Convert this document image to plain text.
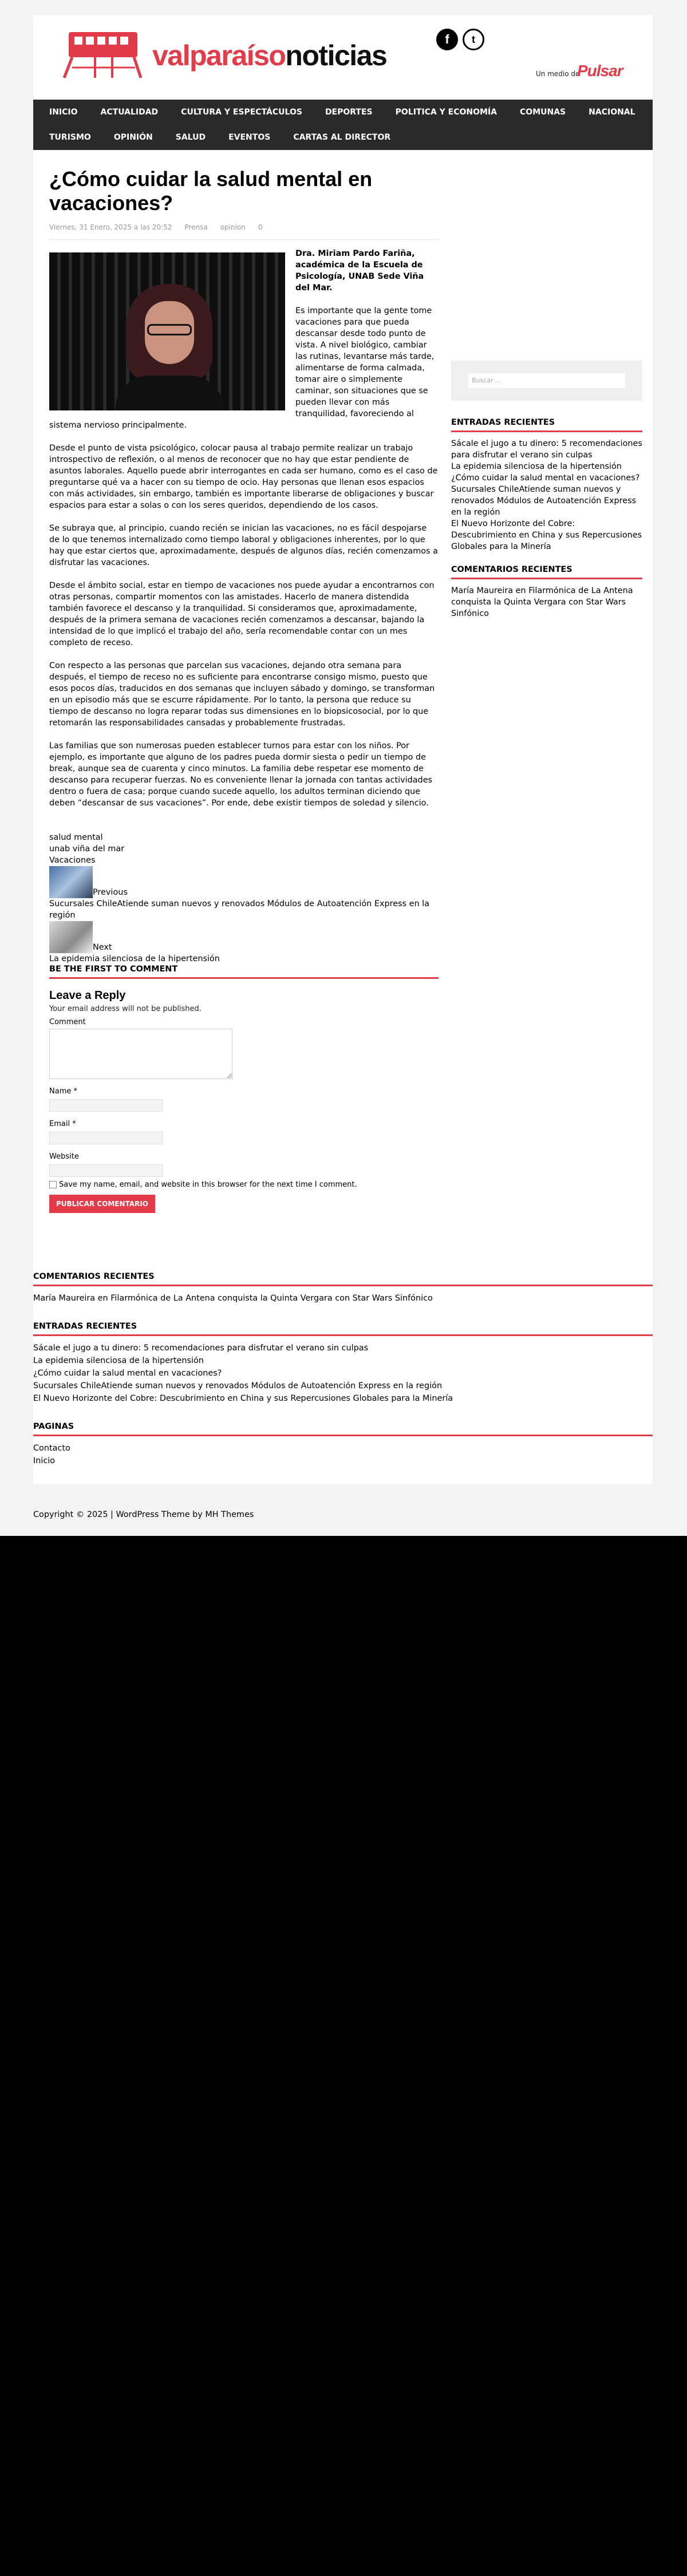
valparaísonoticias
f	t
Un medio de
Pulsar
INICIO	ACTUALIDAD	CULTURA Y ESPECTÁCULOS	DEPORTES	POLITICA Y ECONOMÍA	COMUNAS	NACIONAL
TURISMO	OPINIÓN	SALUD	EVENTOS	CARTAS AL DIRECTOR
¿Cómo cuidar la salud mental en vacaciones?
Viernes, 31 Enero, 2025 a las 20:52 Prensa opinion 0

Dra. Miriam Pardo Fariña, académica de la Escuela de Psicología, UNAB Sede Viña del Mar.

Es importante que la gente tome vacaciones para que pueda descansar desde todo punto de vista. A nivel biológico, cambiar las rutinas, levantarse más tarde, alimentarse de forma calmada, tomar aire o simplemente caminar, son situaciones que se pueden llevar con más tranquilidad, favoreciendo al sistema nervioso principalmente.

Desde el punto de vista psicológico, colocar pausa al trabajo permite realizar un trabajo introspectivo de reflexión, o al menos de reconocer que no hay que estar pendiente de asuntos laborales. Aquello puede abrir interrogantes en cada ser humano, como es el caso de preguntarse qué va a hacer con su tiempo de ocio. Hay personas que llenan esos espacios con más actividades, sin embargo, también es importante liberarse de obligaciones y buscar espacios para estar a solas o con los seres queridos, dependiendo de los casos.

Se subraya que, al principio, cuando recién se inician las vacaciones, no es fácil despojarse de lo que tenemos internalizado como tiempo laboral y obligaciones inherentes, por lo que hay que estar ciertos que, aproximadamente, después de algunos días, recién comenzamos a disfrutar las vacaciones.

Desde el ámbito social, estar en tiempo de vacaciones nos puede ayudar a encontrarnos con otras personas, compartir momentos con las amistades. Hacerlo de manera distendida también favorece el descanso y la tranquilidad. Si consideramos que, aproximadamente, después de la primera semana de vacaciones recién comenzamos a descansar, bajando la intensidad de lo que implicó el trabajo del año, sería recomendable contar con un mes completo de receso.

Con respecto a las personas que parcelan sus vacaciones, dejando otra semana para después, el tiempo de receso no es suficiente para encontrarse consigo mismo, puesto que esos pocos días, traducidos en dos semanas que incluyen sábado y domingo, se transforman en un episodio más que se escurre rápidamente. Por lo tanto, la persona que reduce su tiempo de descanso no logra reparar todas sus dimensiones en lo biopsicosocial, por lo que retomarán las responsabilidades cansadas y probablemente frustradas.

Las familias que son numerosas pueden establecer turnos para estar con los niños. Por ejemplo, es importante que alguno de los padres pueda dormir siesta o pedir un tiempo de break, aunque sea de cuarenta y cinco minutos. La familia debe respetar ese momento de descanso para recuperar fuerzas. No es conveniente llenar la jornada con tantas actividades dentro o fuera de casa; porque cuando sucede aquello, los adultos terminan diciendo que deben “descansar de sus vacaciones”. Por ende, debe existir tiempos de soledad y silencio.

salud mental
unab viña del mar
Vacaciones
Previous
Sucursales ChileAtiende suman nuevos y renovados Módulos de Autoatención Express en la región
Next
La epidemia silenciosa de la hipertensión
BE THE FIRST TO COMMENT
Leave a Reply
Your email address will not be published.
Comment
Name *
Email *
Website
Save my name, email, and website in this browser for the next time I comment.
PUBLICAR COMENTARIO
Buscar ...
ENTRADAS RECIENTES
Sácale el jugo a tu dinero: 5 recomendaciones para disfrutar el verano sin culpas
La epidemia silenciosa de la hipertensión
¿Cómo cuidar la salud mental en vacaciones?
Sucursales ChileAtiende suman nuevos y renovados Módulos de Autoatención Express en la región
El Nuevo Horizonte del Cobre: Descubrimiento en China y sus Repercusiones Globales para la Minería
COMENTARIOS RECIENTES

María Maureira en Filarmónica de La Antena conquista la Quinta Vergara con Star Wars Sinfónico

COMENTARIOS RECIENTES

María Maureira en Filarmónica de La Antena conquista la Quinta Vergara con Star Wars Sinfónico

ENTRADAS RECIENTES
Sácale el jugo a tu dinero: 5 recomendaciones para disfrutar el verano sin culpas
La epidemia silenciosa de la hipertensión
¿Cómo cuidar la salud mental en vacaciones?
Sucursales ChileAtiende suman nuevos y renovados Módulos de Autoatención Express en la región
El Nuevo Horizonte del Cobre: Descubrimiento en China y sus Repercusiones Globales para la Minería
PAGINAS
Contacto
Inicio
Copyright © 2025 | WordPress Theme by MH Themes
